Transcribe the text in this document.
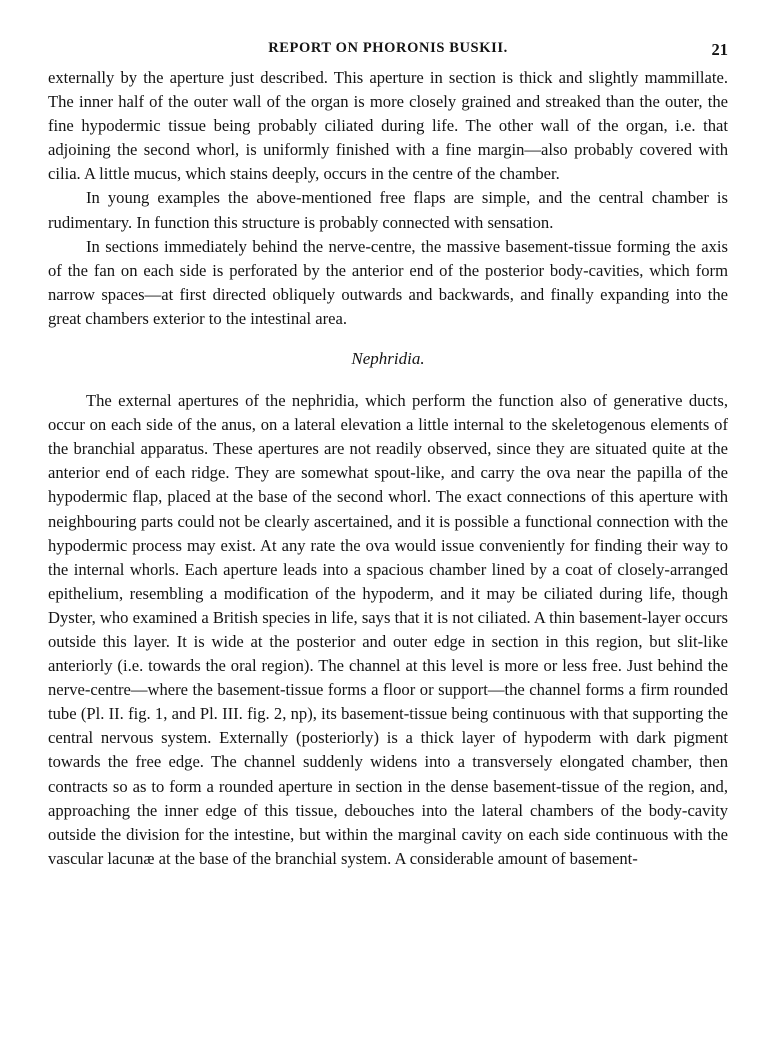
REPORT ON PHORONIS BUSKII.	21

externally by the aperture just described. This aperture in section is thick and slightly mammillate. The inner half of the outer wall of the organ is more closely grained and streaked than the outer, the fine hypodermic tissue being probably ciliated during life. The other wall of the organ, i.e. that adjoining the second whorl, is uniformly finished with a fine margin—also probably covered with cilia. A little mucus, which stains deeply, occurs in the centre of the chamber.

In young examples the above-mentioned free flaps are simple, and the central chamber is rudimentary. In function this structure is probably connected with sensation.

In sections immediately behind the nerve-centre, the massive basement-tissue forming the axis of the fan on each side is perforated by the anterior end of the posterior body-cavities, which form narrow spaces—at first directed obliquely outwards and backwards, and finally expanding into the great chambers exterior to the intestinal area.

Nephridia.

The external apertures of the nephridia, which perform the function also of generative ducts, occur on each side of the anus, on a lateral elevation a little internal to the skeletogenous elements of the branchial apparatus. These apertures are not readily observed, since they are situated quite at the anterior end of each ridge. They are somewhat spout-like, and carry the ova near the papilla of the hypodermic flap, placed at the base of the second whorl. The exact connections of this aperture with neighbouring parts could not be clearly ascertained, and it is possible a functional connection with the hypodermic process may exist. At any rate the ova would issue conveniently for finding their way to the internal whorls. Each aperture leads into a spacious chamber lined by a coat of closely-arranged epithelium, resembling a modification of the hypoderm, and it may be ciliated during life, though Dyster, who examined a British species in life, says that it is not ciliated. A thin basement-layer occurs outside this layer. It is wide at the posterior and outer edge in section in this region, but slit-like anteriorly (i.e. towards the oral region). The channel at this level is more or less free. Just behind the nerve-centre—where the basement-tissue forms a floor or support—the channel forms a firm rounded tube (Pl. II. fig. 1, and Pl. III. fig. 2, np), its basement-tissue being continuous with that supporting the central nervous system. Externally (posteriorly) is a thick layer of hypoderm with dark pigment towards the free edge. The channel suddenly widens into a transversely elongated chamber, then contracts so as to form a rounded aperture in section in the dense basement-tissue of the region, and, approaching the inner edge of this tissue, debouches into the lateral chambers of the body-cavity outside the division for the intestine, but within the marginal cavity on each side continuous with the vascular lacunæ at the base of the branchial system. A considerable amount of basement-
